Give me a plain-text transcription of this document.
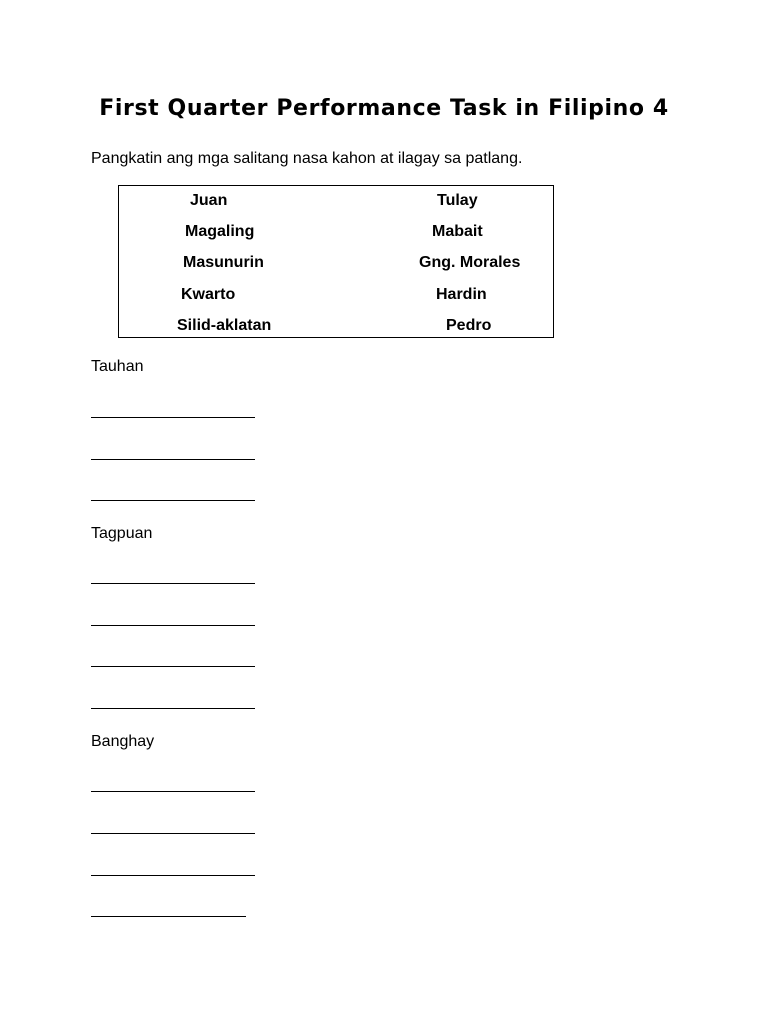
First Quarter Performance Task in Filipino 4
Pangkatin ang mga salitang nasa kahon at ilagay sa patlang.
Juan
Magaling
Masunurin
Kwarto
Silid-aklatan
Tulay
Mabait
Gng. Morales
Hardin
Pedro
Tauhan
Tagpuan
Banghay
